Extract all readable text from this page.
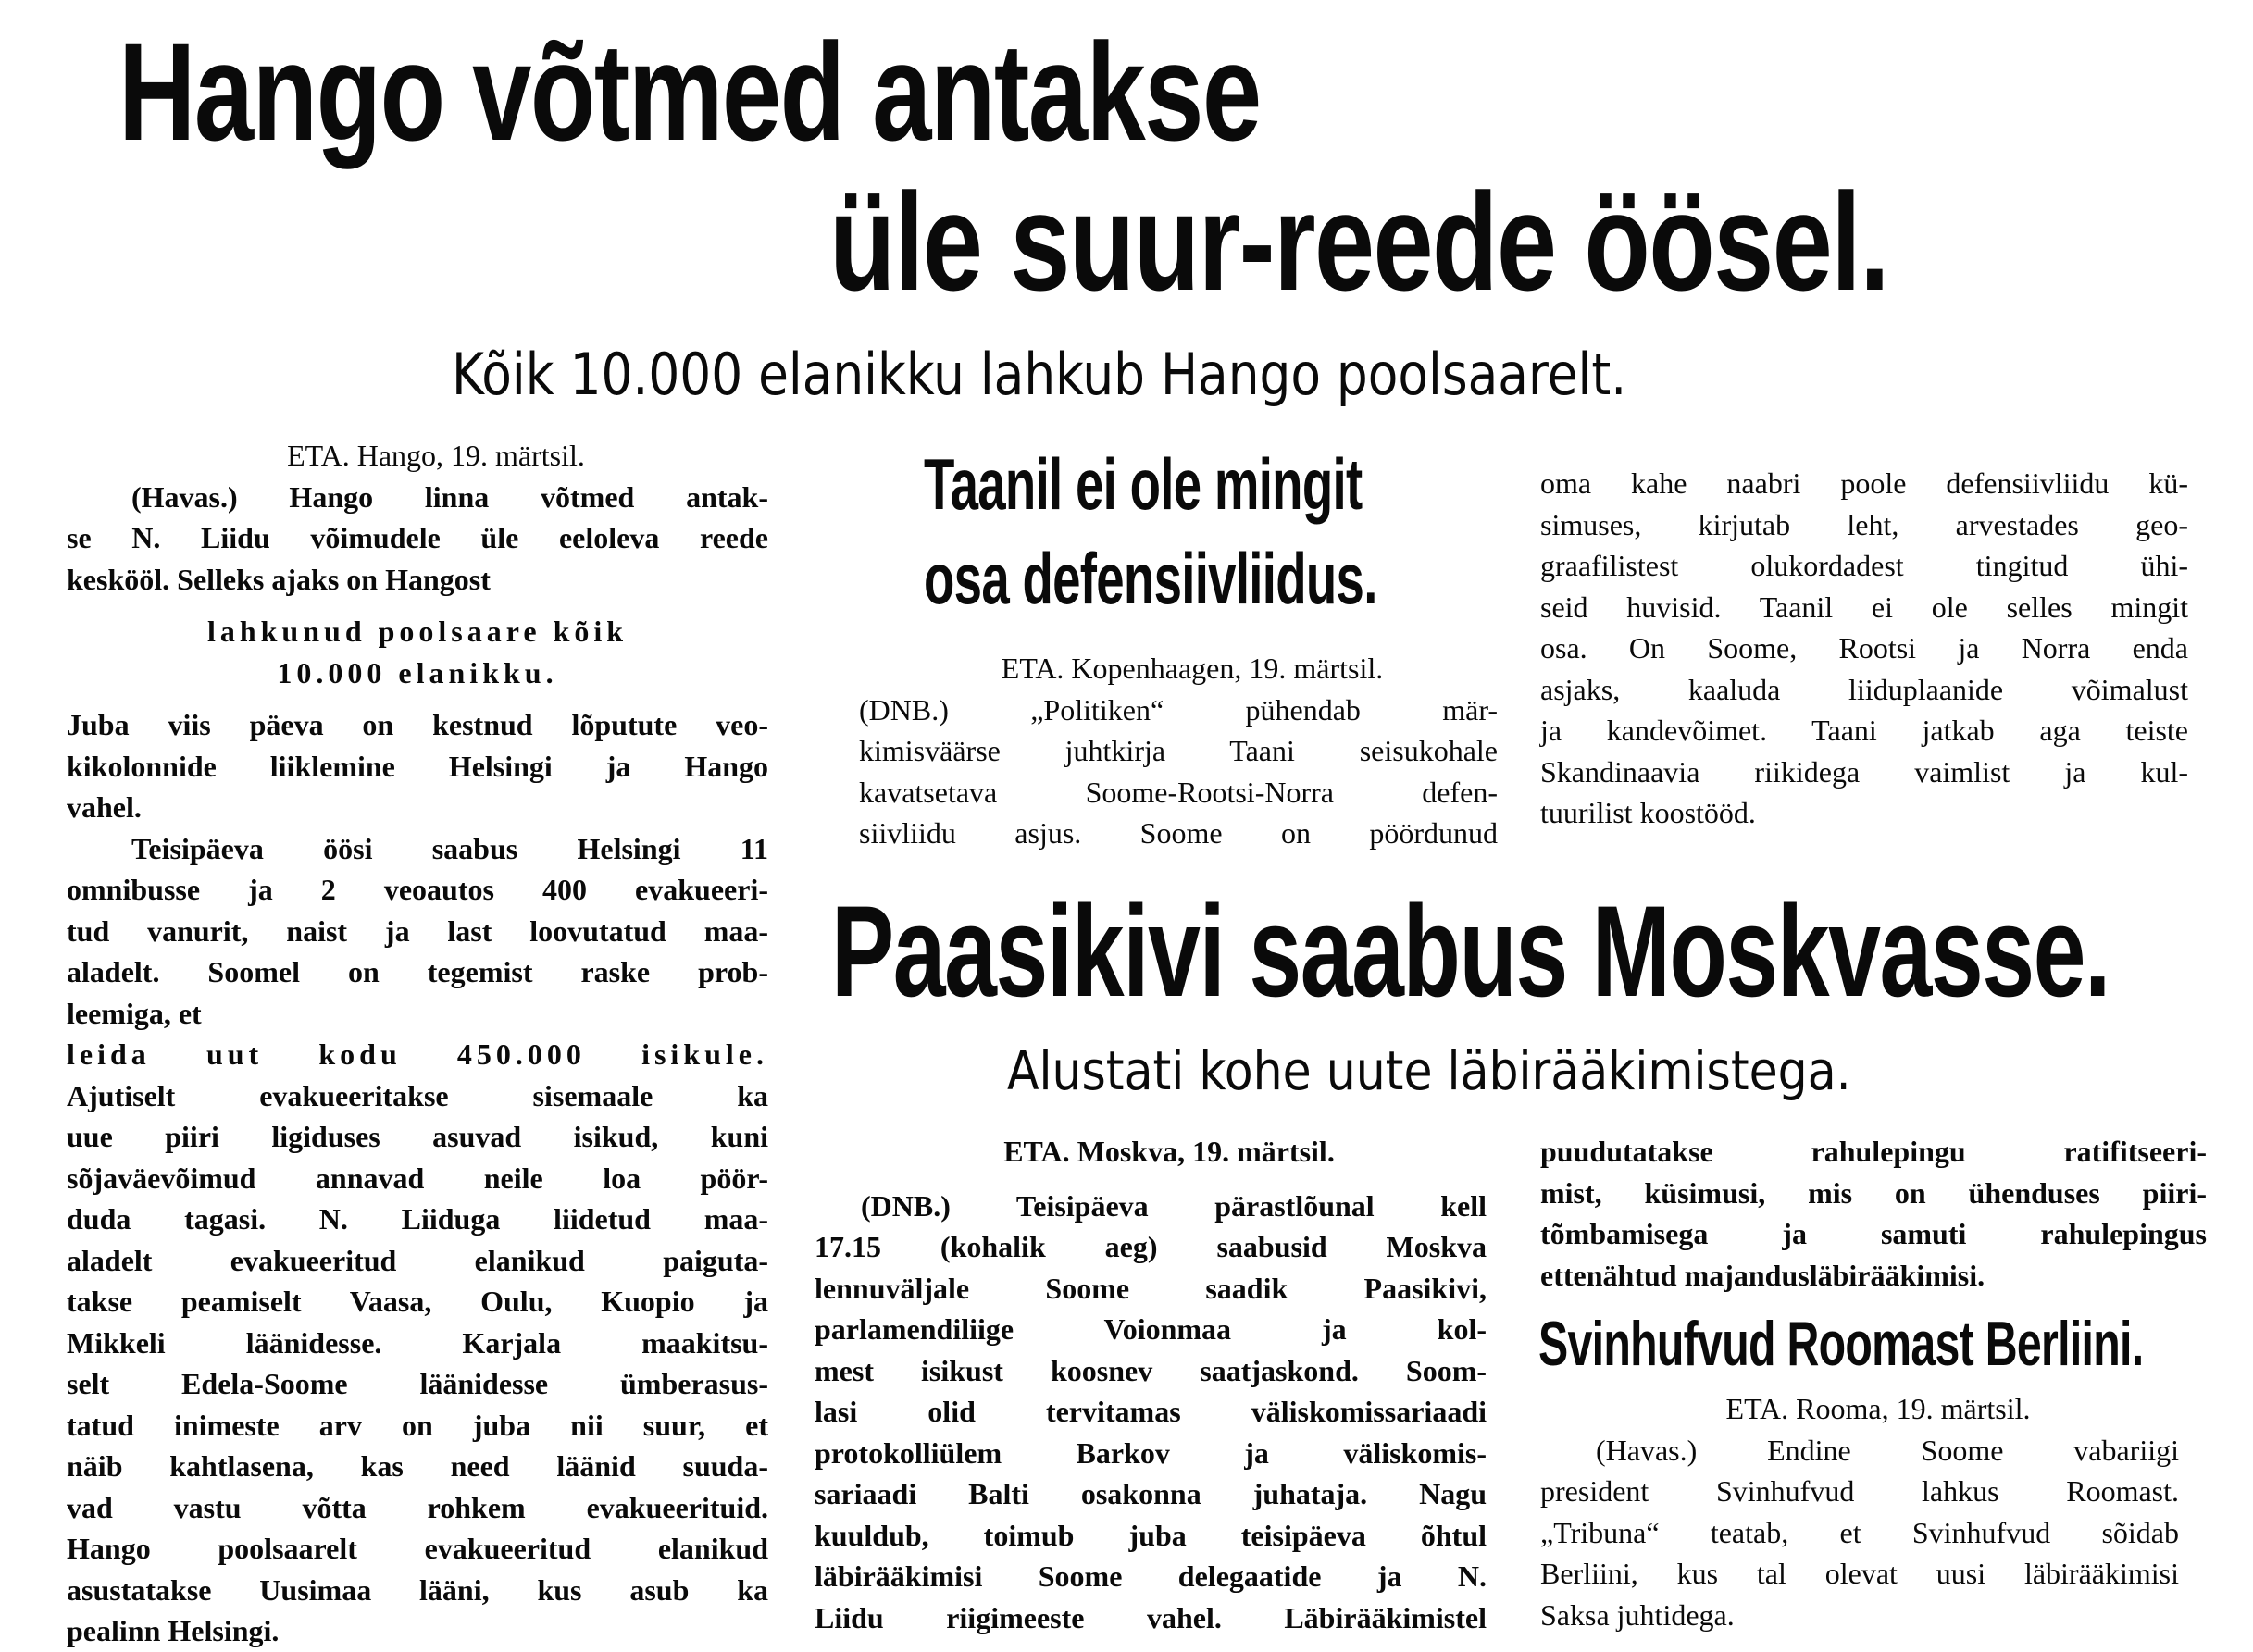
Hango võtmed antakse
üle suur-reede öösel.
Kõik 10.000 elanikku lahkub Hango poolsaarelt.
ETA. Hango, 19. märtsil.
(Havas.) Hango linna võtmed antak-
se N. Liidu võimudele üle eeloleva reede
keskööl. Selleks ajaks on Hangost
lahkunud poolsaare kõik
10.000 elanikku.
Juba viis päeva on kestnud lõputute veo-
kikolonnide liiklemine Helsingi ja Hango
vahel.
Teisipäeva öösi saabus Helsingi 11
omnibusse ja 2 veoautos 400 evakueeri-
tud vanurit, naist ja last loovutatud maa-
aladelt. Soomel on tegemist raske prob-
leemiga, et
leida uut kodu 450.000 isikule.
Ajutiselt evakueeritakse sisemaale ka
uue piiri ligiduses asuvad isikud, kuni
sõjaväevõimud annavad neile loa pöör-
duda tagasi. N. Liiduga liidetud maa-
aladelt evakueeritud elanikud paiguta-
takse peamiselt Vaasa, Oulu, Kuopio ja
Mikkeli läänidesse. Karjala maakitsu-
selt Edela-Soome läänidesse ümberasus-
tatud inimeste arv on juba nii suur, et
näib kahtlasena, kas need läänid suuda-
vad vastu võtta rohkem evakueerituid.
Hango poolsaarelt evakueeritud elanikud
asustatakse Uusimaa lääni, kus asub ka
pealinn Helsingi.
Taanil ei ole mingit
osa defensiivliidus.
ETA. Kopenhaagen, 19. märtsil.
(DNB.) „Politiken“ pühendab mär-
kimisväärse juhtkirja Taani seisukohale
kavatsetava Soome-Rootsi-Norra defen-
siivliidu asjus. Soome on pöördunud
oma kahe naabri poole defensiivliidu kü-
simuses, kirjutab leht, arvestades geo-
graafilistest olukordadest tingitud ühi-
seid huvisid. Taanil ei ole selles mingit
osa. On Soome, Rootsi ja Norra enda
asjaks, kaaluda liiduplaanide võimalust
ja kandevõimet. Taani jatkab aga teiste
Skandinaavia riikidega vaimlist ja kul-
tuurilist koostööd.
Paasikivi saabus Moskvasse.
Alustati kohe uute läbirääkimistega.
ETA. Moskva, 19. märtsil.
(DNB.) Teisipäeva pärastlõunal kell
17.15 (kohalik aeg) saabusid Moskva
lennuväljale Soome saadik Paasikivi,
parlamendiliige Voionmaa ja kol-
mest isikust koosnev saatjaskond. Soom-
lasi olid tervitamas väliskomissariaadi
protokolliülem Barkov ja väliskomis-
sariaadi Balti osakonna juhataja. Nagu
kuuldub, toimub juba teisipäeva õhtul
läbirääkimisi Soome delegaatide ja N.
Liidu riigimeeste vahel. Läbirääkimistel
puudutatakse rahulepingu ratifitseeri-
mist, küsimusi, mis on ühenduses piiri-
tõmbamisega ja samuti rahulepingus
ettenähtud majandusläbirääkimisi.
Svinhufvud Roomast Berliini.
ETA. Rooma, 19. märtsil.
(Havas.) Endine Soome vabariigi
president Svinhufvud lahkus Roomast.
„Tribuna“ teatab, et Svinhufvud sõidab
Berliini, kus tal olevat uusi läbirääkimisi
Saksa juhtidega.
